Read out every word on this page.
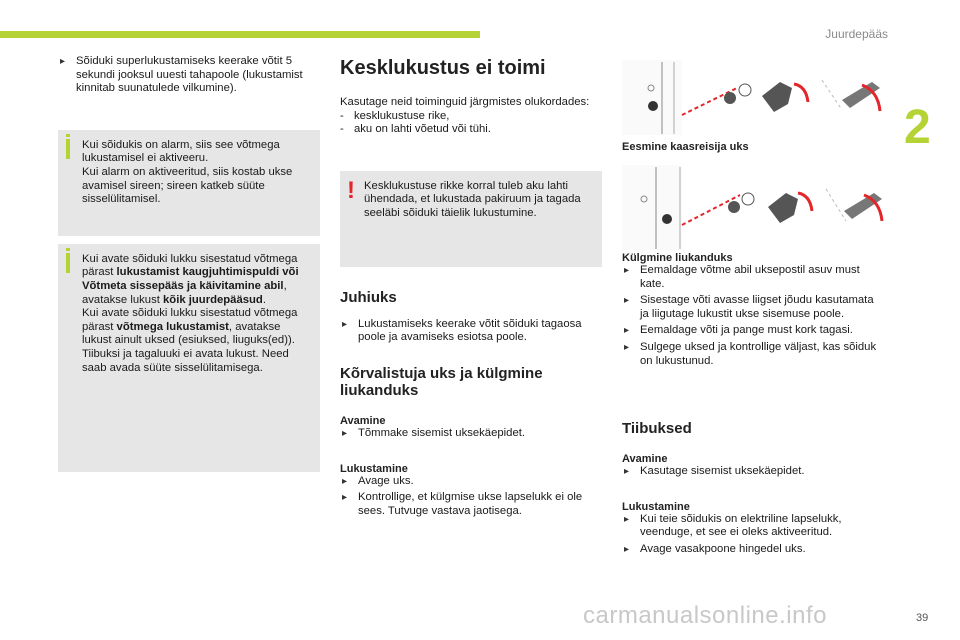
Juurdepääs
2
39
▸ Sõiduki superlukustamiseks keerake võtit 5 sekundi jooksul uuesti tahapoole (lukustamist kinnitab suunatulede vilkumine).
Kui sõidukis on alarm, siis see võtmega lukustamisel ei aktiveeru.
Kui alarm on aktiveeritud, siis kostab ukse avamisel sireen; sireen katkeb süüte sisselülitamisel.
Kui avate sõiduki lukku sisestatud võtmega pärast lukustamist kaugjuhtimispuldi või Võtmeta sissepääs ja käivitamine abil, avatakse lukust kõik juurdepääsud.
Kui avate sõiduki lukku sisestatud võtmega pärast võtmega lukustamist, avatakse lukust ainult uksed (esiuksed, liuguks(ed)). Tiibuksi ja tagaluuki ei avata lukust. Need saab avada süüte sisselülitamisega.
Kesklukustus ei toimi
Kasutage neid toiminguid järgmistes olukordades:
- kesklukustuse rike,
- aku on lahti võetud või tühi.
! Kesklukustuse rikke korral tuleb aku lahti ühendada, et lukustada pakiruum ja tagada seeläbi sõiduki täielik lukustumine.
Juhiuks
▸ Lukustamiseks keerake võtit sõiduki tagaosa poole ja avamiseks esiotsa poole.
Kõrvalistuja uks ja külgmine liukanduks
Avamine
▸ Tõmmake sisemist uksekäepidet.
Lukustamine
▸ Avage uks.
▸ Kontrollige, et külgmise ukse lapselukk ei ole sees. Tutvuge vastava jaotisega.
Eesmine kaasreisija uks
Külgmine liukanduks
▸ Eemaldage võtme abil uksepostil asuv must kate.
▸ Sisestage võti avasse liigset jõudu kasutamata ja liigutage lukustit ukse sisemuse poole.
▸ Eemaldage võti ja pange must kork tagasi.
▸ Sulgege uksed ja kontrollige väljast, kas sõiduk on lukustunud.
Tiibuksed
Avamine
▸ Kasutage sisemist uksekäepidet.
Lukustamine
▸ Kui teie sõidukis on elektriline lapselukk, veenduge, et see ei oleks aktiveeritud.
▸ Avage vasakpoone hingedel uks.
carmanualsonline.info
